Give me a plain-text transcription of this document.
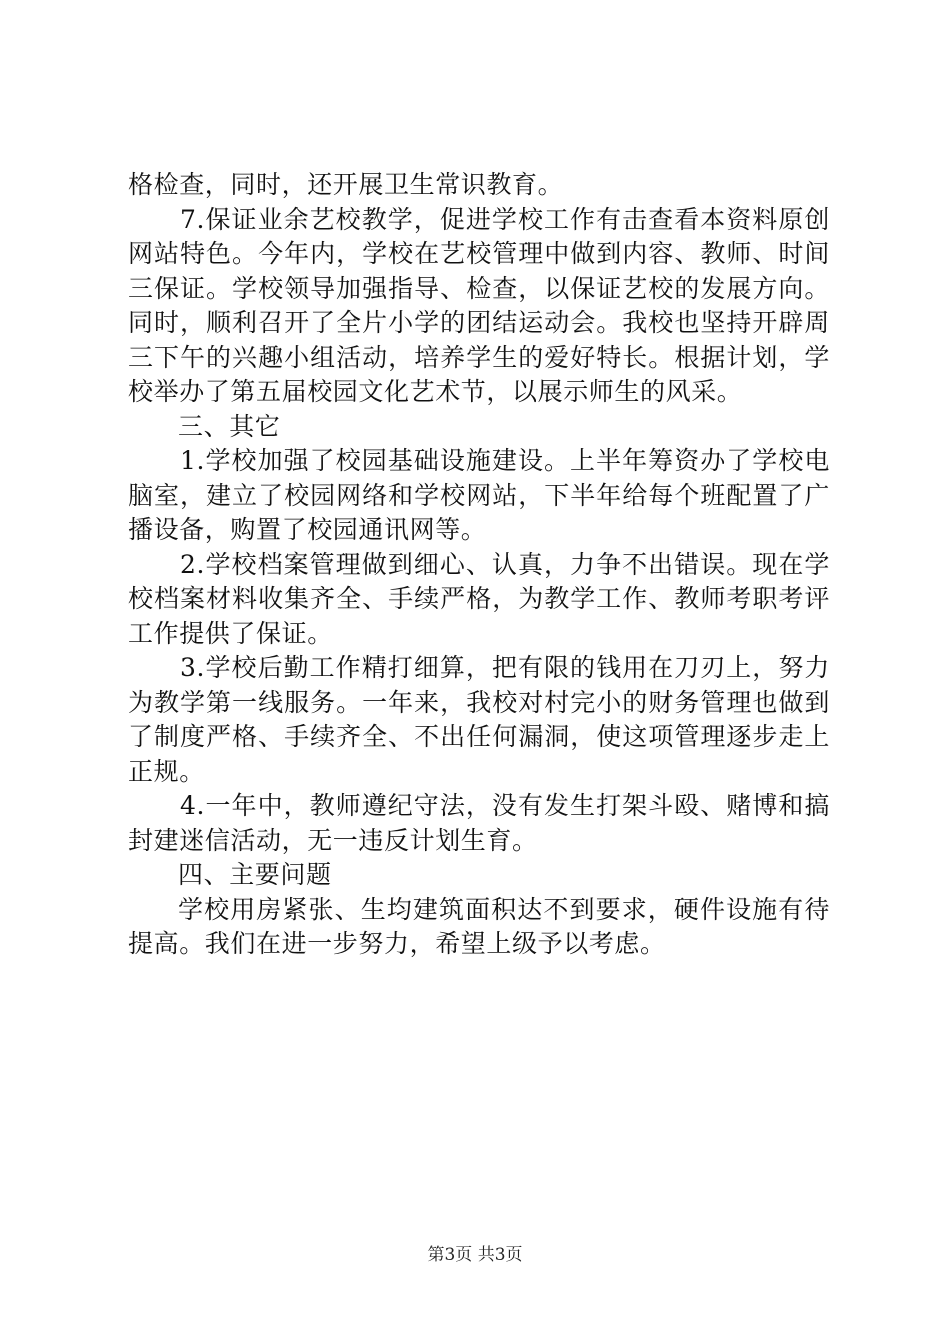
格检查，同时，还开展卫生常识教育。

7.保证业余艺校教学，促进学校工作有击查看本资料原创网站特色。今年内，学校在艺校管理中做到内容、教师、时间三保证。学校领导加强指导、检查，以保证艺校的发展方向。同时，顺利召开了全片小学的团结运动会。我校也坚持开辟周三下午的兴趣小组活动，培养学生的爱好特长。根据计划，学校举办了第五届校园文化艺术节，以展示师生的风采。

三、其它

1.学校加强了校园基础设施建设。上半年筹资办了学校电脑室，建立了校园网络和学校网站，下半年给每个班配置了广播设备，购置了校园通讯网等。

2.学校档案管理做到细心、认真，力争不出错误。现在学校档案材料收集齐全、手续严格，为教学工作、教师考职考评工作提供了保证。

3.学校后勤工作精打细算，把有限的钱用在刀刃上，努力为教学第一线服务。一年来，我校对村完小的财务管理也做到了制度严格、手续齐全、不出任何漏洞，使这项管理逐步走上正规。

4.一年中，教师遵纪守法，没有发生打架斗殴、赌博和搞封建迷信活动，无一违反计划生育。

四、主要问题

学校用房紧张、生均建筑面积达不到要求，硬件设施有待提高。我们在进一步努力，希望上级予以考虑。

第3页 共3页
